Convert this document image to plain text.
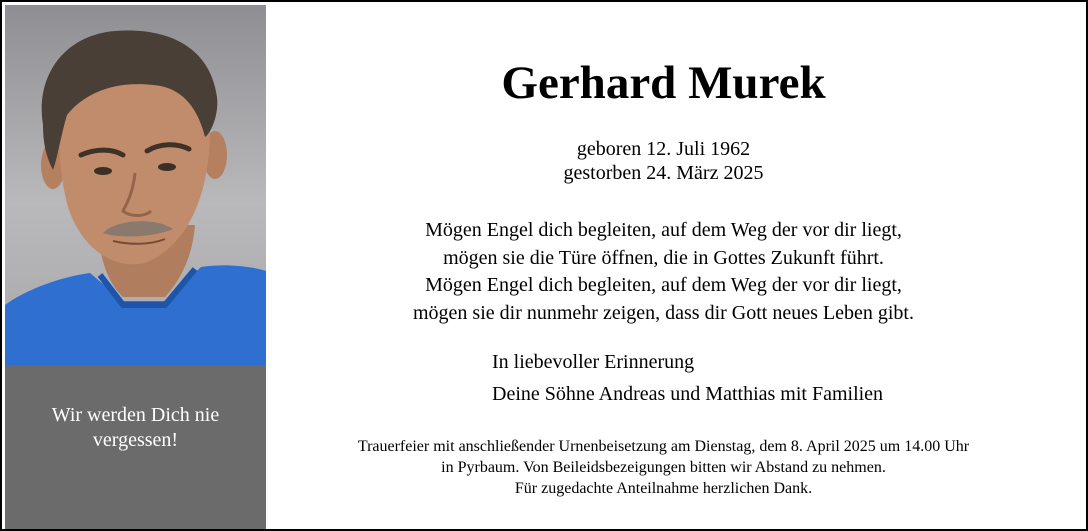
Wir werden Dich nie
vergessen!
Gerhard Murek
geboren 12. Juli 1962
gestorben 24. März 2025
Mögen Engel dich begleiten, auf dem Weg der vor dir liegt,
mögen sie die Türe öffnen, die in Gottes Zukunft führt.
Mögen Engel dich begleiten, auf dem Weg der vor dir liegt,
mögen sie dir nunmehr zeigen, dass dir Gott neues Leben gibt.
In liebevoller Erinnerung
Deine Söhne Andreas und Matthias mit Familien
Trauerfeier mit anschließender Urnenbeisetzung am Dienstag, dem 8. April 2025 um 14.00 Uhr
in Pyrbaum. Von Beileidsbezeigungen bitten wir Abstand zu nehmen.
Für zugedachte Anteilnahme herzlichen Dank.
